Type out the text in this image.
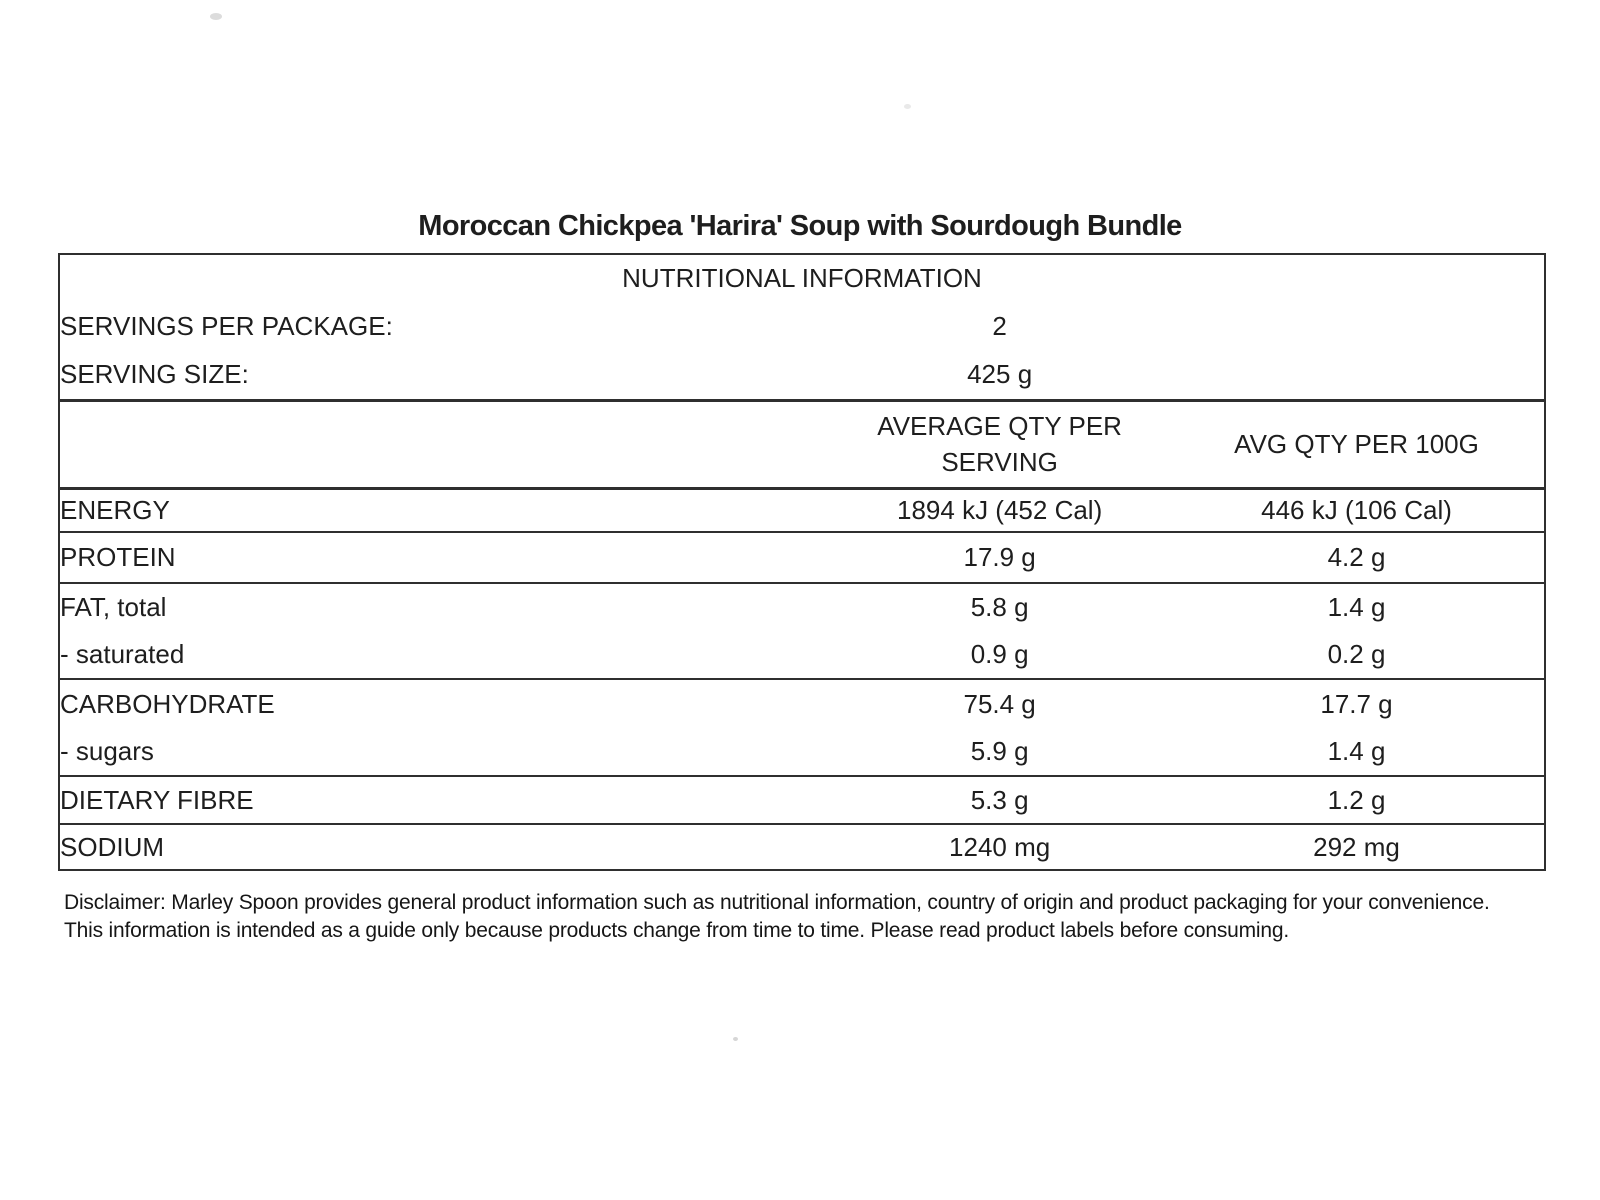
Moroccan Chickpea 'Harira' Soup with Sourdough Bundle
NUTRITIONAL INFORMATION		
SERVINGS PER PACKAGE:	2	
SERVING SIZE:	425 g	
	AVERAGE QTY PER SERVING	AVG QTY PER 100G
ENERGY	1894 kJ (452 Cal)	446 kJ (106 Cal)
PROTEIN	17.9 g	4.2 g
FAT, total	5.8 g	1.4 g
- saturated	0.9 g	0.2 g
CARBOHYDRATE	75.4 g	17.7 g
- sugars	5.9 g	1.4 g
DIETARY FIBRE	5.3 g	1.2 g
SODIUM	1240 mg	292 mg
Disclaimer: Marley Spoon provides general product information such as nutritional information, country of origin and product packaging for your convenience.
This information is intended as a guide only because products change from time to time. Please read product labels before consuming.
